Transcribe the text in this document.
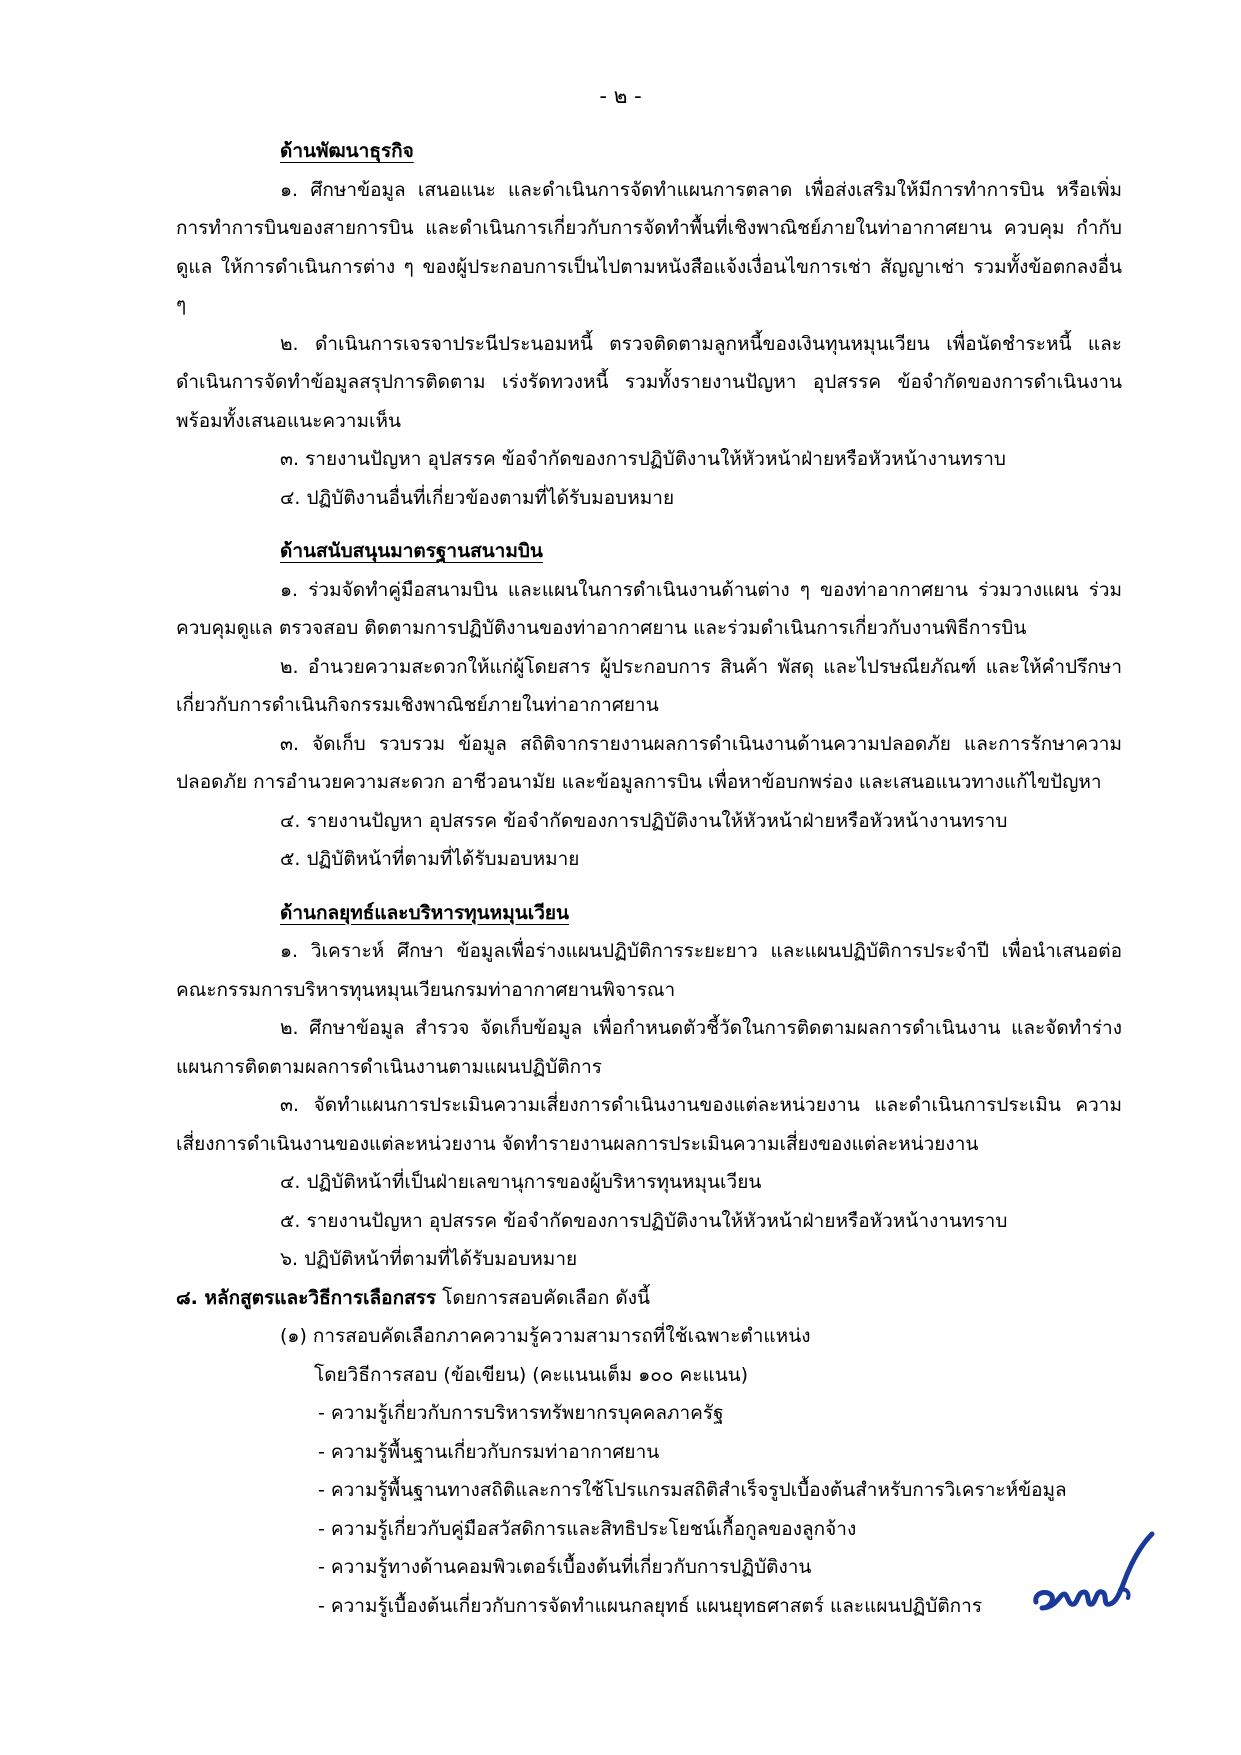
- ๒ -

ด้านพัฒนาธุรกิจ

๑. ศึกษาข้อมูล เสนอแนะ และดำเนินการจัดทำแผนการตลาด เพื่อส่งเสริมให้มีการทำการบิน หรือเพิ่มการทำการบินของสายการบิน และดำเนินการเกี่ยวกับการจัดทำพื้นที่เชิงพาณิชย์ภายในท่าอากาศยาน ควบคุม กำกับ ดูแล ให้การดำเนินการต่าง ๆ ของผู้ประกอบการเป็นไปตามหนังสือแจ้งเงื่อนไขการเช่า สัญญาเช่า รวมทั้งข้อตกลงอื่น ๆ

๒. ดำเนินการเจรจาประนีประนอมหนี้ ตรวจติดตามลูกหนี้ของเงินทุนหมุนเวียน เพื่อนัดชำระหนี้ และดำเนินการจัดทำข้อมูลสรุปการติดตาม เร่งรัดทวงหนี้ รวมทั้งรายงานปัญหา อุปสรรค ข้อจำกัดของการดำเนินงาน พร้อมทั้งเสนอแนะความเห็น

๓. รายงานปัญหา อุปสรรค ข้อจำกัดของการปฏิบัติงานให้หัวหน้าฝ่ายหรือหัวหน้างานทราบ

๔. ปฏิบัติงานอื่นที่เกี่ยวข้องตามที่ได้รับมอบหมาย

ด้านสนับสนุนมาตรฐานสนามบิน

๑. ร่วมจัดทำคู่มือสนามบิน และแผนในการดำเนินงานด้านต่าง ๆ ของท่าอากาศยาน ร่วมวางแผน ร่วมควบคุมดูแล ตรวจสอบ ติดตามการปฏิบัติงานของท่าอากาศยาน และร่วมดำเนินการเกี่ยวกับงานพิธีการบิน

๒. อำนวยความสะดวกให้แก่ผู้โดยสาร ผู้ประกอบการ สินค้า พัสดุ และไปรษณียภัณฑ์ และให้คำปรึกษา เกี่ยวกับการดำเนินกิจกรรมเชิงพาณิชย์ภายในท่าอากาศยาน

๓. จัดเก็บ รวบรวม ข้อมูล สถิติจากรายงานผลการดำเนินงานด้านความปลอดภัย และการรักษาความปลอดภัย การอำนวยความสะดวก อาชีวอนามัย และข้อมูลการบิน เพื่อหาข้อบกพร่อง และเสนอแนวทางแก้ไขปัญหา

๔. รายงานปัญหา อุปสรรค ข้อจำกัดของการปฏิบัติงานให้หัวหน้าฝ่ายหรือหัวหน้างานทราบ

๕. ปฏิบัติหน้าที่ตามที่ได้รับมอบหมาย

ด้านกลยุทธ์และบริหารทุนหมุนเวียน

๑. วิเคราะห์ ศึกษา ข้อมูลเพื่อร่างแผนปฏิบัติการระยะยาว และแผนปฏิบัติการประจำปี เพื่อนำเสนอต่อคณะกรรมการบริหารทุนหมุนเวียนกรมท่าอากาศยานพิจารณา

๒. ศึกษาข้อมูล สำรวจ จัดเก็บข้อมูล เพื่อกำหนดตัวชี้วัดในการติดตามผลการดำเนินงาน และจัดทำร่างแผนการติดตามผลการดำเนินงานตามแผนปฏิบัติการ

๓. จัดทำแผนการประเมินความเสี่ยงการดำเนินงานของแต่ละหน่วยงาน และดำเนินการประเมิน ความเสี่ยงการดำเนินงานของแต่ละหน่วยงาน จัดทำรายงานผลการประเมินความเสี่ยงของแต่ละหน่วยงาน

๔. ปฏิบัติหน้าที่เป็นฝ่ายเลขานุการของผู้บริหารทุนหมุนเวียน

๕. รายงานปัญหา อุปสรรค ข้อจำกัดของการปฏิบัติงานให้หัวหน้าฝ่ายหรือหัวหน้างานทราบ

๖. ปฏิบัติหน้าที่ตามที่ได้รับมอบหมาย

๘. หลักสูตรและวิธีการเลือกสรร โดยการสอบคัดเลือก ดังนี้

(๑) การสอบคัดเลือกภาคความรู้ความสามารถที่ใช้เฉพาะตำแหน่ง

โดยวิธีการสอบ (ข้อเขียน) (คะแนนเต็ม ๑๐๐ คะแนน)

- ความรู้เกี่ยวกับการบริหารทรัพยากรบุคคลภาครัฐ

- ความรู้พื้นฐานเกี่ยวกับกรมท่าอากาศยาน

- ความรู้พื้นฐานทางสถิติและการใช้โปรแกรมสถิติสำเร็จรูปเบื้องต้นสำหรับการวิเคราะห์ข้อมูล

- ความรู้เกี่ยวกับคู่มือสวัสดิการและสิทธิประโยชน์เกื้อกูลของลูกจ้าง

- ความรู้ทางด้านคอมพิวเตอร์เบื้องต้นที่เกี่ยวกับการปฏิบัติงาน

- ความรู้เบื้องต้นเกี่ยวกับการจัดทำแผนกลยุทธ์ แผนยุทธศาสตร์ และแผนปฏิบัติการ
